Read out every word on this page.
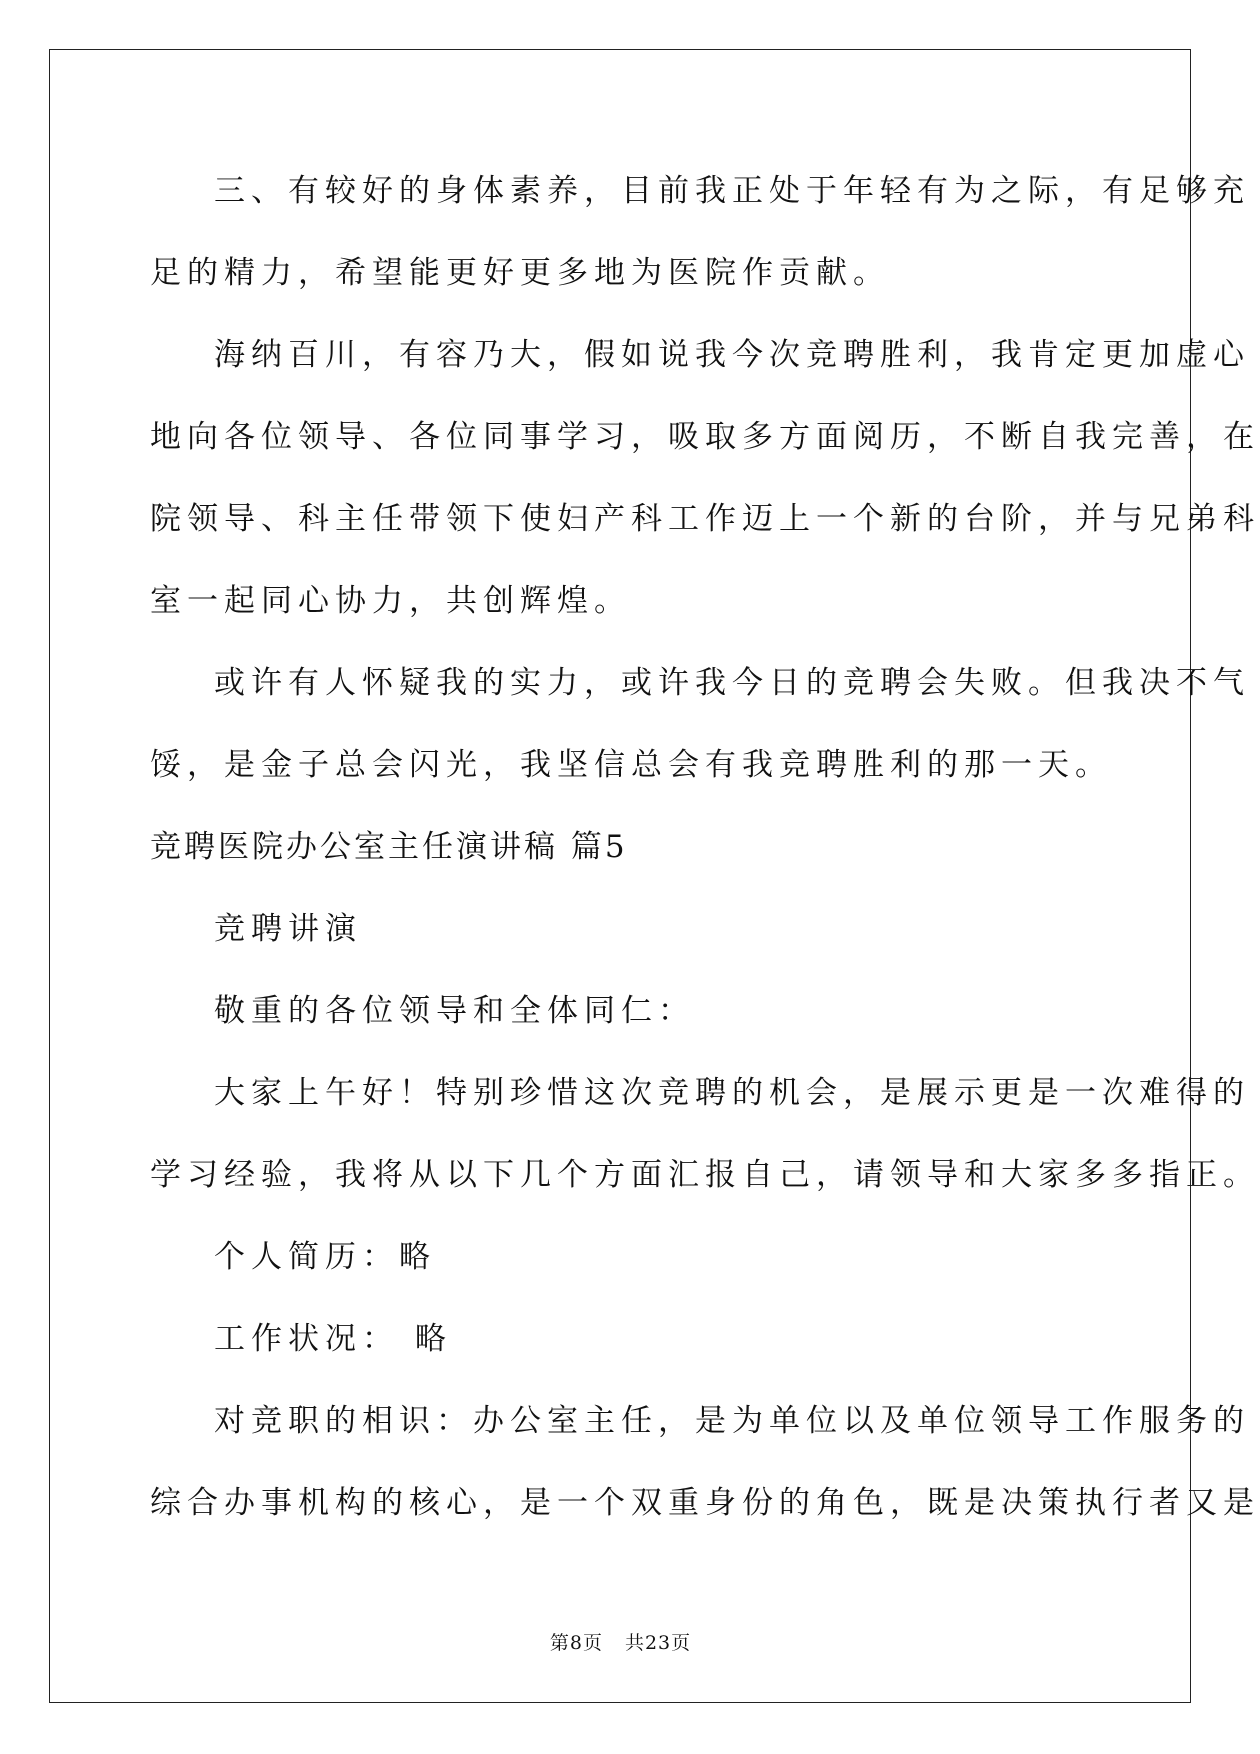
三、有较好的身体素养，目前我正处于年轻有为之际，有足够充
足的精力，希望能更好更多地为医院作贡献。
海纳百川，有容乃大，假如说我今次竞聘胜利，我肯定更加虚心
地向各位领导、各位同事学习，吸取多方面阅历，不断自我完善，在
院领导、科主任带领下使妇产科工作迈上一个新的台阶，并与兄弟科
室一起同心协力，共创辉煌。
或许有人怀疑我的实力，或许我今日的竞聘会失败。但我决不气
馁，是金子总会闪光，我坚信总会有我竞聘胜利的那一天。
竞聘医院办公室主任演讲稿 篇5
竞聘讲演
敬重的各位领导和全体同仁：
大家上午好！特别珍惜这次竞聘的机会，是展示更是一次难得的
学习经验，我将从以下几个方面汇报自己，请领导和大家多多指正。
个人简历：略
工作状况： 略
对竞职的相识：办公室主任，是为单位以及单位领导工作服务的
综合办事机构的核心，是一个双重身份的角色，既是决策执行者又是
第8页 共23页
